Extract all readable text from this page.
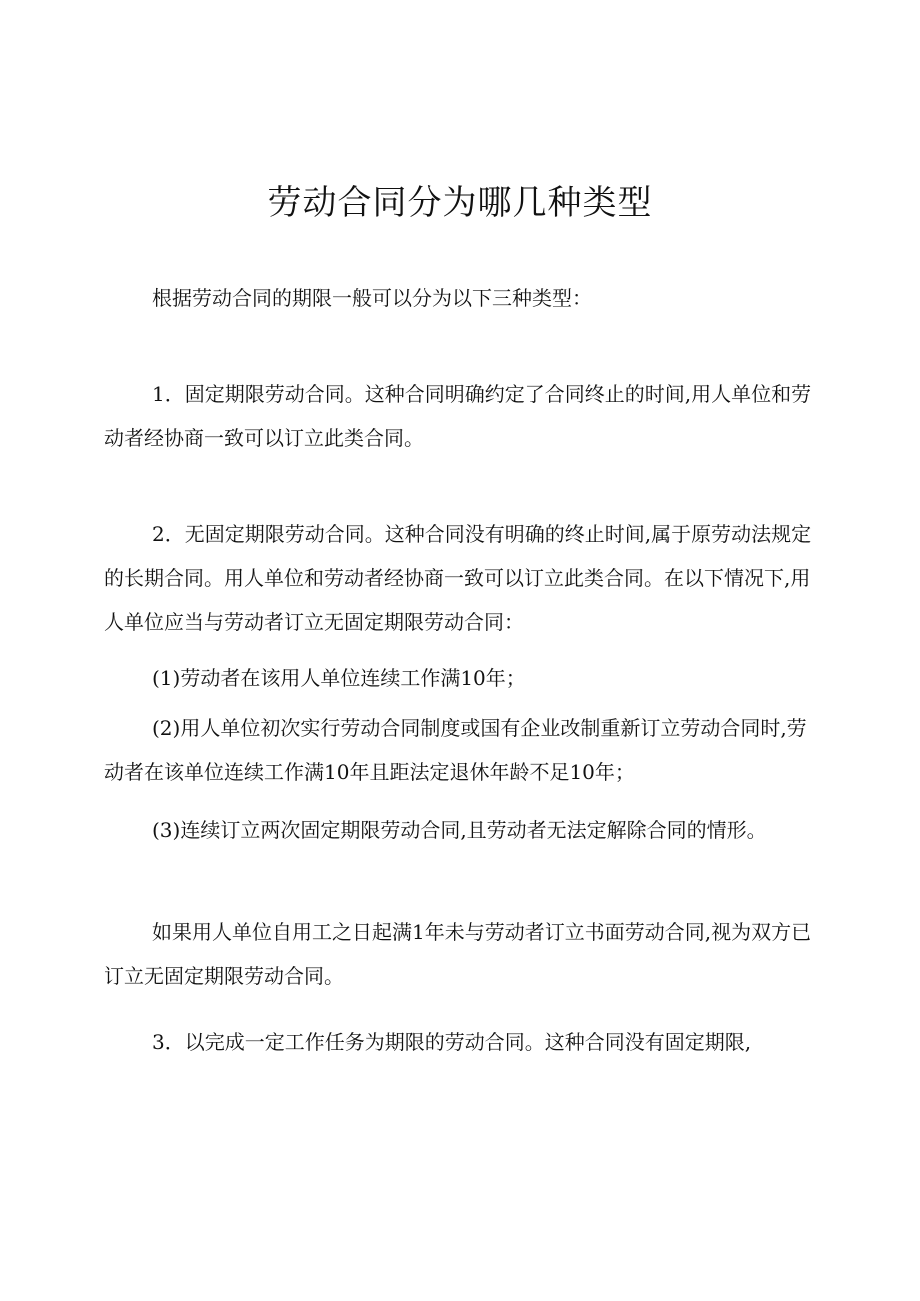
劳动合同分为哪几种类型

根据劳动合同的期限一般可以分为以下三种类型：

1．固定期限劳动合同。这种合同明确约定了合同终止的时间,用人单位和劳动者经协商一致可以订立此类合同。

2．无固定期限劳动合同。这种合同没有明确的终止时间,属于原劳动法规定的长期合同。用人单位和劳动者经协商一致可以订立此类合同。在以下情况下,用人单位应当与劳动者订立无固定期限劳动合同：

(1)劳动者在该用人单位连续工作满10年；

(2)用人单位初次实行劳动合同制度或国有企业改制重新订立劳动合同时,劳动者在该单位连续工作满10年且距法定退休年龄不足10年；

(3)连续订立两次固定期限劳动合同,且劳动者无法定解除合同的情形。

如果用人单位自用工之日起满1年未与劳动者订立书面劳动合同,视为双方已订立无固定期限劳动合同。

3．以完成一定工作任务为期限的劳动合同。这种合同没有固定期限,
